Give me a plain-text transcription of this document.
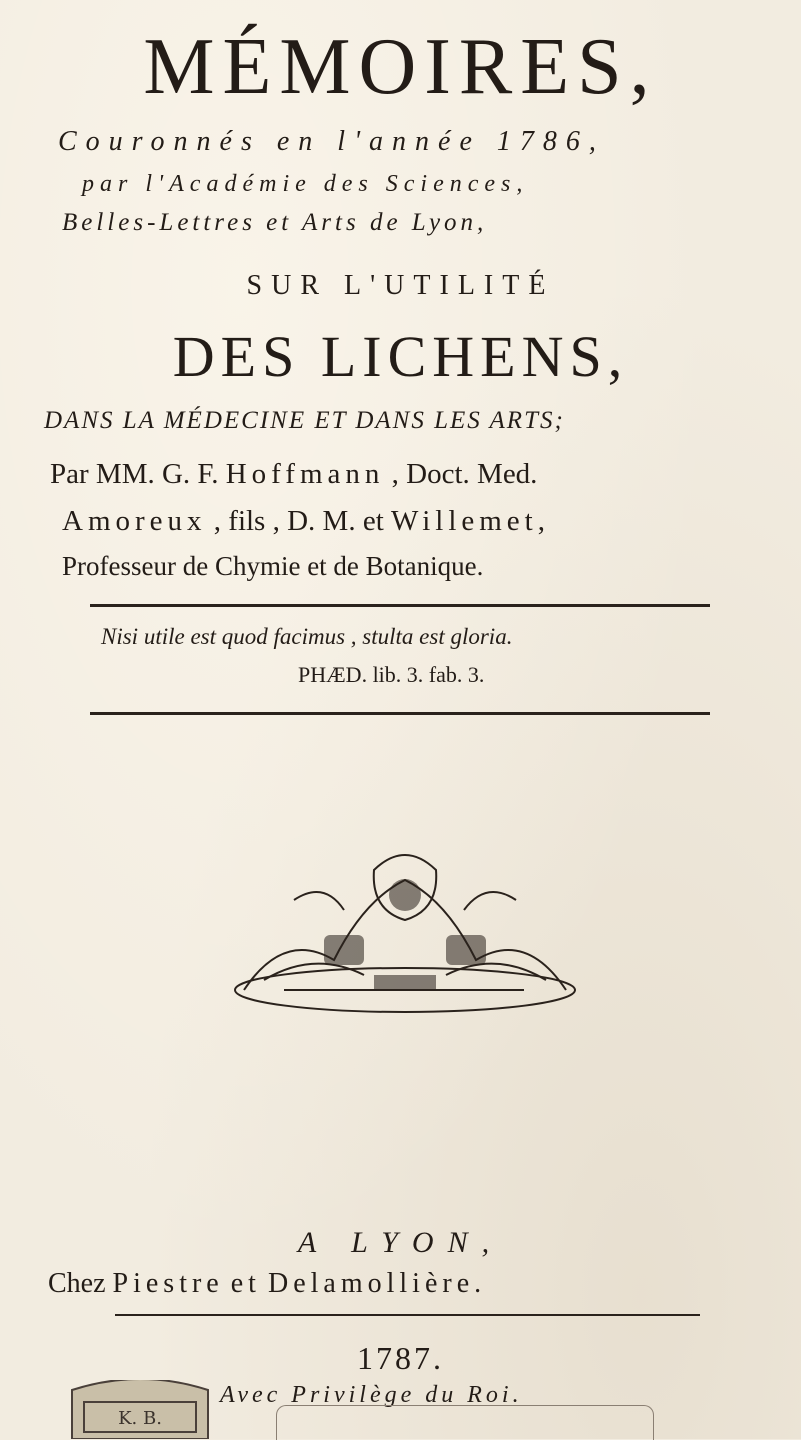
MÉMOIRES,
Couronnés en l'année 1786,
par l'Académie des Sciences,
Belles-Lettres et Arts de Lyon,
SUR L'UTILITÉ
DES LICHENS,
DANS LA MÉDECINE ET DANS LES ARTS;
Par MM. G. F. Hoffmann , Doct. Med.
Amoreux , fils , D. M. et Willemet,
Professeur de Chymie et de Botanique.
Nisi utile est quod facimus , stulta est gloria.
PHÆD. lib. 3. fab. 3.
A LYON,
Chez Piestre et Delamollière.
1787.
Avec Privilège du Roi.
K. B.
